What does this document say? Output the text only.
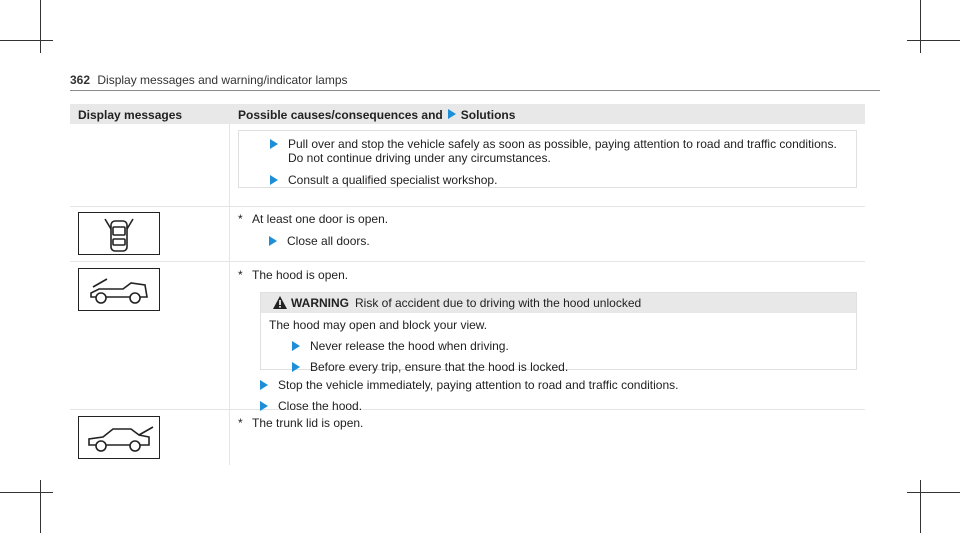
362 Display messages and warning/indicator lamps
Display messages	Possible causes/consequences and Solutions
Pull over and stop the vehicle safely as soon as possible, paying attention to road and traffic conditions.
Do not continue driving under any circumstances.
Consult a qualified specialist workshop.
* At least one door is open.
Close all doors.
* The hood is open.
WARNING Risk of accident due to driving with the hood unlocked
The hood may open and block your view.
Never release the hood when driving.
Before every trip, ensure that the hood is locked.
Stop the vehicle immediately, paying attention to road and traffic conditions.
Close the hood.
* The trunk lid is open.
